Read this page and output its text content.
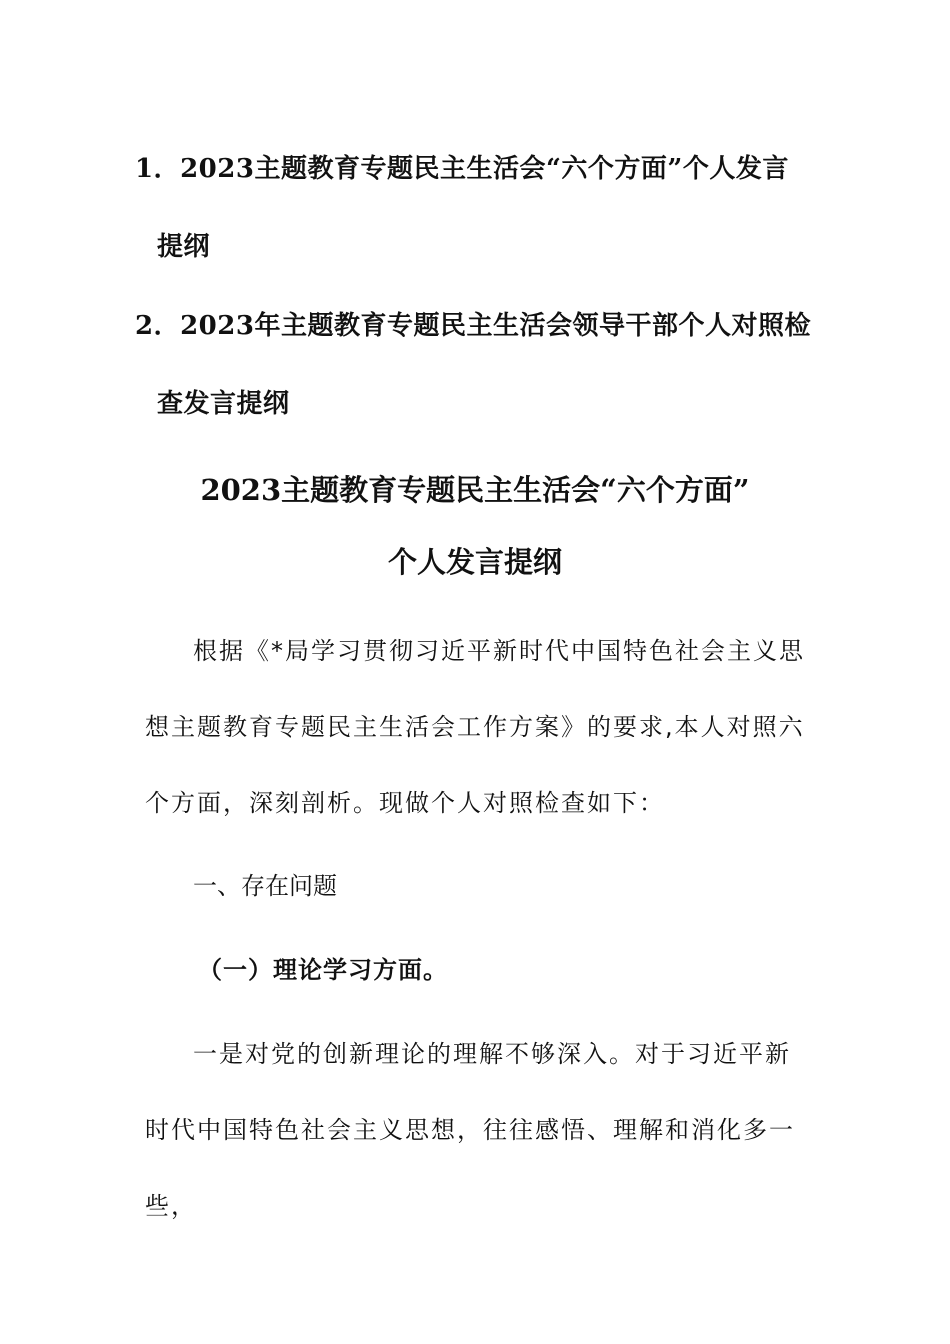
1．2023主题教育专题民主生活会“六个方面”个人发言
提纲
2．2023年主题教育专题民主生活会领导干部个人对照检
查发言提纲
2023主题教育专题民主生活会“六个方面”
个人发言提纲
根据《*局学习贯彻习近平新时代中国特色社会主义思想主题教育专题民主生活会工作方案》的要求,本人对照六个方面，深刻剖析。现做个人对照检查如下：
一、存在问题
（一）理论学习方面。
一是对党的创新理论的理解不够深入。对于习近平新时代中国特色社会主义思想，往往感悟、理解和消化多一些，
